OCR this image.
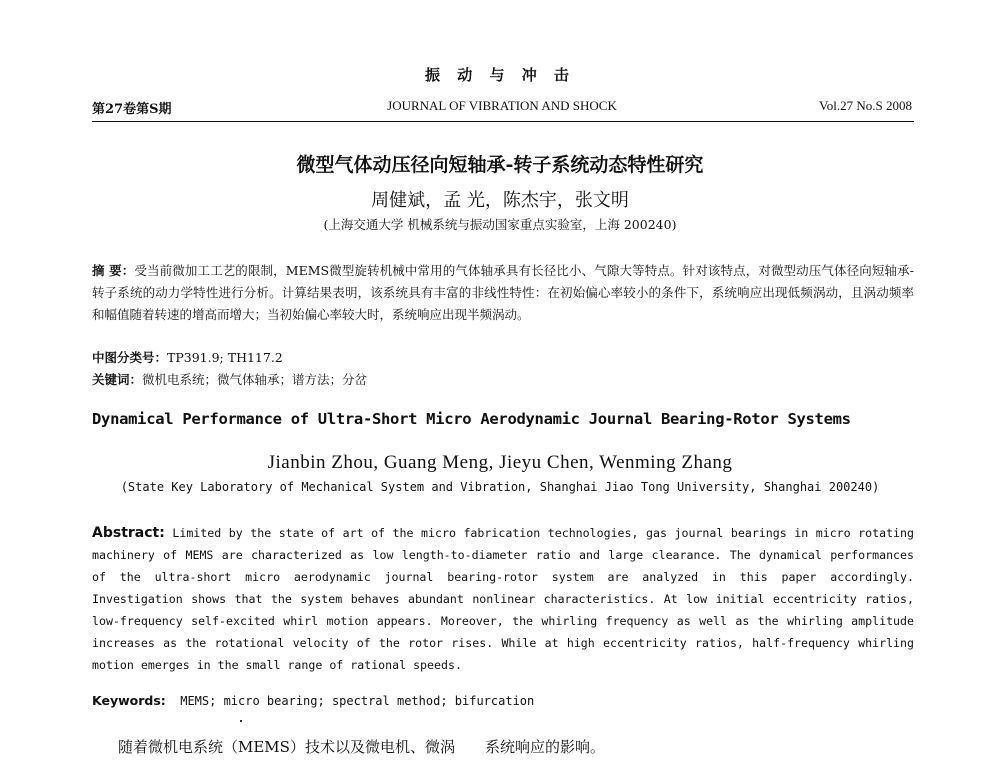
振 动 与 冲 击
JOURNAL OF VIBRATION AND SHOCK
第27卷第S期	Vol.27 No.S 2008
微型气体动压径向短轴承-转子系统动态特性研究
周健斌，孟 光，陈杰宇，张文明
(上海交通大学 机械系统与振动国家重点实验室，上海 200240)
摘 要：受当前微加工工艺的限制，MEMS微型旋转机械中常用的气体轴承具有长径比小、气隙大等特点。针对该特点，对微型动压气体径向短轴承-转子系统的动力学特性进行分析。计算结果表明，该系统具有丰富的非线性特性：在初始偏心率较小的条件下，系统响应出现低频涡动，且涡动频率和幅值随着转速的增高而增大；当初始偏心率较大时，系统响应出现半频涡动。
中图分类号：TP391.9; TH117.2
关键词：微机电系统；微气体轴承；谱方法；分岔
Dynamical Performance of Ultra-Short Micro Aerodynamic Journal Bearing-Rotor Systems
Jianbin Zhou, Guang Meng, Jieyu Chen, Wenming Zhang
(State Key Laboratory of Mechanical System and Vibration, Shanghai Jiao Tong University, Shanghai 200240)
Abstract: Limited by the state of art of the micro fabrication technologies, gas journal bearings in micro rotating machinery of MEMS are characterized as low length-to-diameter ratio and large clearance. The dynamical performances of the ultra-short micro aerodynamic journal bearing-rotor system are analyzed in this paper accordingly. Investigation shows that the system behaves abundant nonlinear characteristics. At low initial eccentricity ratios, low-frequency self-excited whirl motion appears. Moreover, the whirling frequency as well as the whirling amplitude increases as the rotational velocity of the rotor rises. While at high eccentricity ratios, half-frequency whirling motion emerges in the small range of rational speeds.
Keywords: MEMS; micro bearing; spectral method; bifurcation
随着微机电系统（MEMS）技术以及微电机、微涡 系统响应的影响。
